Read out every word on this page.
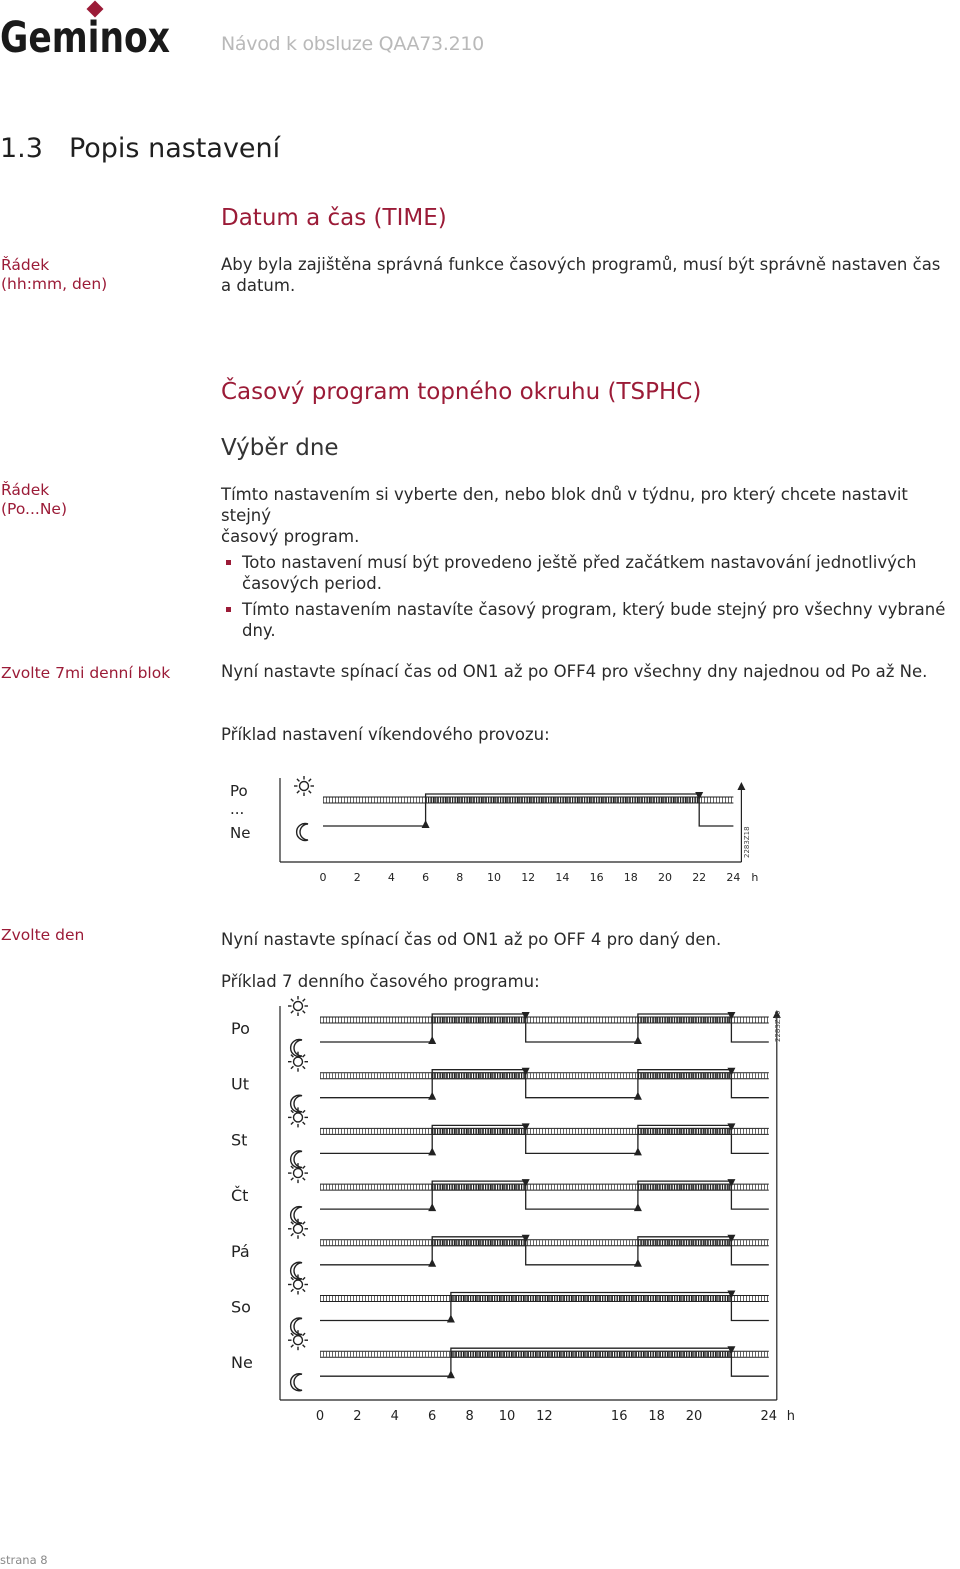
Geminox	Návod k obsluze QAA73.210
1.3 Popis nastavení
Datum a čas (TIME)
Řádek
(hh:mm, den)
Aby byla zajištěna správná funkce časových programů, musí být správně nastaven čas
a datum.
Časový program topného okruhu (TSPHC)
Výběr dne
Řádek
(Po...Ne)
Tímto nastavením si vyberte den, nebo blok dnů v týdnu, pro který chcete nastavit stejný
časový program.
Toto nastavení musí být provedeno ještě před začátkem nastavování jednotlivých
časových period.
Tímto nastavením nastavíte časový program, který bude stejný pro všechny vybrané
dny.
Zvolte 7mi denní blok	Nyní nastavte spínací čas od ON1 až po OFF4 pro všechny dny najednou od Po až Ne.
Příklad nastavení víkendového provozu:
Po
...
Ne
0 2 4 6 8 10 12 14 16 18 20 22 24 h
2283Z18
Zvolte den	Nyní nastavte spínací čas od ON1 až po OFF 4 pro daný den.
Příklad 7 denního časového programu:
Po
Ut
St
Čt
Pá
So
Ne
0 2 4 6 8 10 12	16 18 20	24 h
2283Z19
strana 8
